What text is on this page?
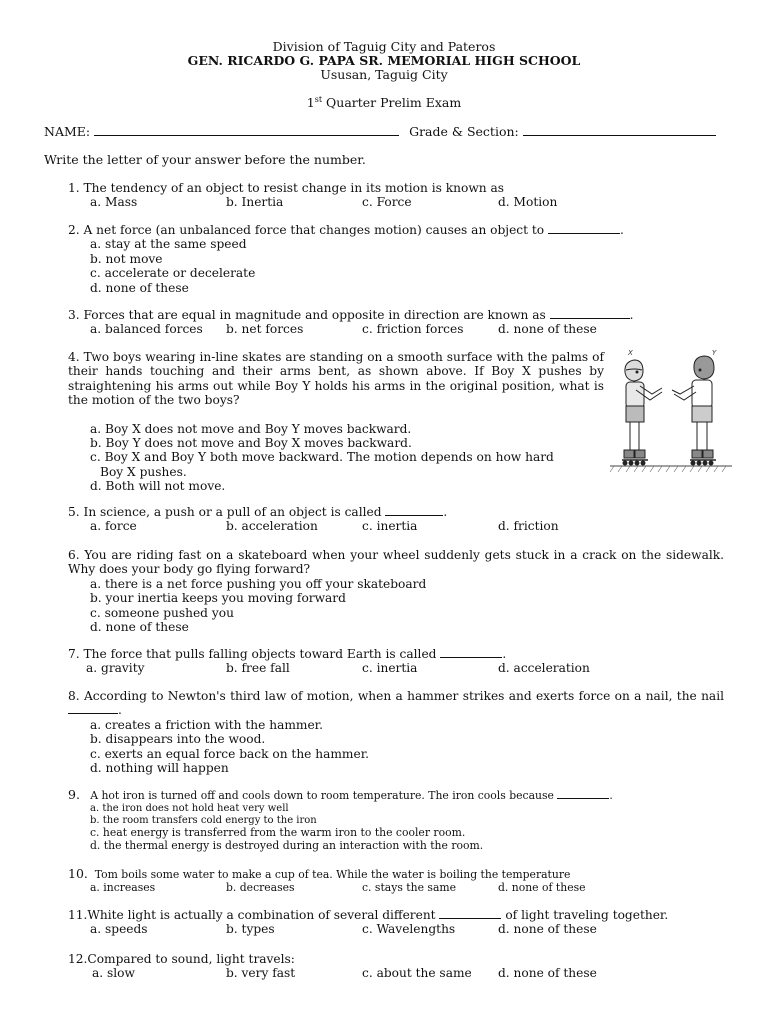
Division of Taguig City and Pateros
GEN. RICARDO G. PAPA SR. MEMORIAL HIGH SCHOOL
Ususan, Taguig City
1st Quarter Prelim Exam
NAME:	Grade & Section:
Write the letter of your answer before the number.
1. The tendency of an object to resist change in its motion is known as
a. Mass	b. Inertia	c. Force	d. Motion
2. A net force (an unbalanced force that changes motion) causes an object to	.
a. stay at the same speed
b. not move
c. accelerate or decelerate
d. none of these
3. Forces that are equal in magnitude and opposite in direction are known as	.
a. balanced forces b. net forces	c. friction forces	d. none of these
4. Two boys wearing in-line skates are standing on a smooth surface with the palms of their hands touching and their arms bent, as shown above. If Boy X pushes by straightening his arms out while Boy Y holds his arms in the original position, what is the motion of the two boys?
a. Boy X does not move and Boy Y moves backward.
b. Boy Y does not move and Boy X moves backward.
c. Boy X and Boy Y both move backward. The motion depends on how hard
Boy X pushes.
d. Both will not move.
X	Y
5. In science, a push or a pull of an object is called	.
a. force	b. acceleration	c. inertia	d. friction
6. You are riding fast on a skateboard when your wheel suddenly gets stuck in a crack on the sidewalk. Why does your body go flying forward?
a. there is a net force pushing you off your skateboard
b. your inertia keeps you moving forward
c. someone pushed you
d. none of these
7. The force that pulls falling objects toward Earth is called	.
a. gravity	b. free fall	c. inertia	d. acceleration
8. According to Newton's third law of motion, when a hammer strikes and exerts force on a nail, the nail .
a. creates a friction with the hammer.
b. disappears into the wood.
c. exerts an equal force back on the hammer.
d. nothing will happen
9. A hot iron is turned off and cools down to room temperature. The iron cools because	.
a. the iron does not hold heat very well
b. the room transfers cold energy to the iron
c. heat energy is transferred from the warm iron to the cooler room.
d. the thermal energy is destroyed during an interaction with the room.
10. Tom boils some water to make a cup of tea. While the water is boiling the temperature
a. increases	b. decreases	c. stays the same	d. none of these
11.White light is actually a combination of several different	of light traveling together.
a. speeds	b. types	c. Wavelengths	d. none of these
12.Compared to sound, light travels:
a. slow	b. very fast	c. about the same d. none of these
